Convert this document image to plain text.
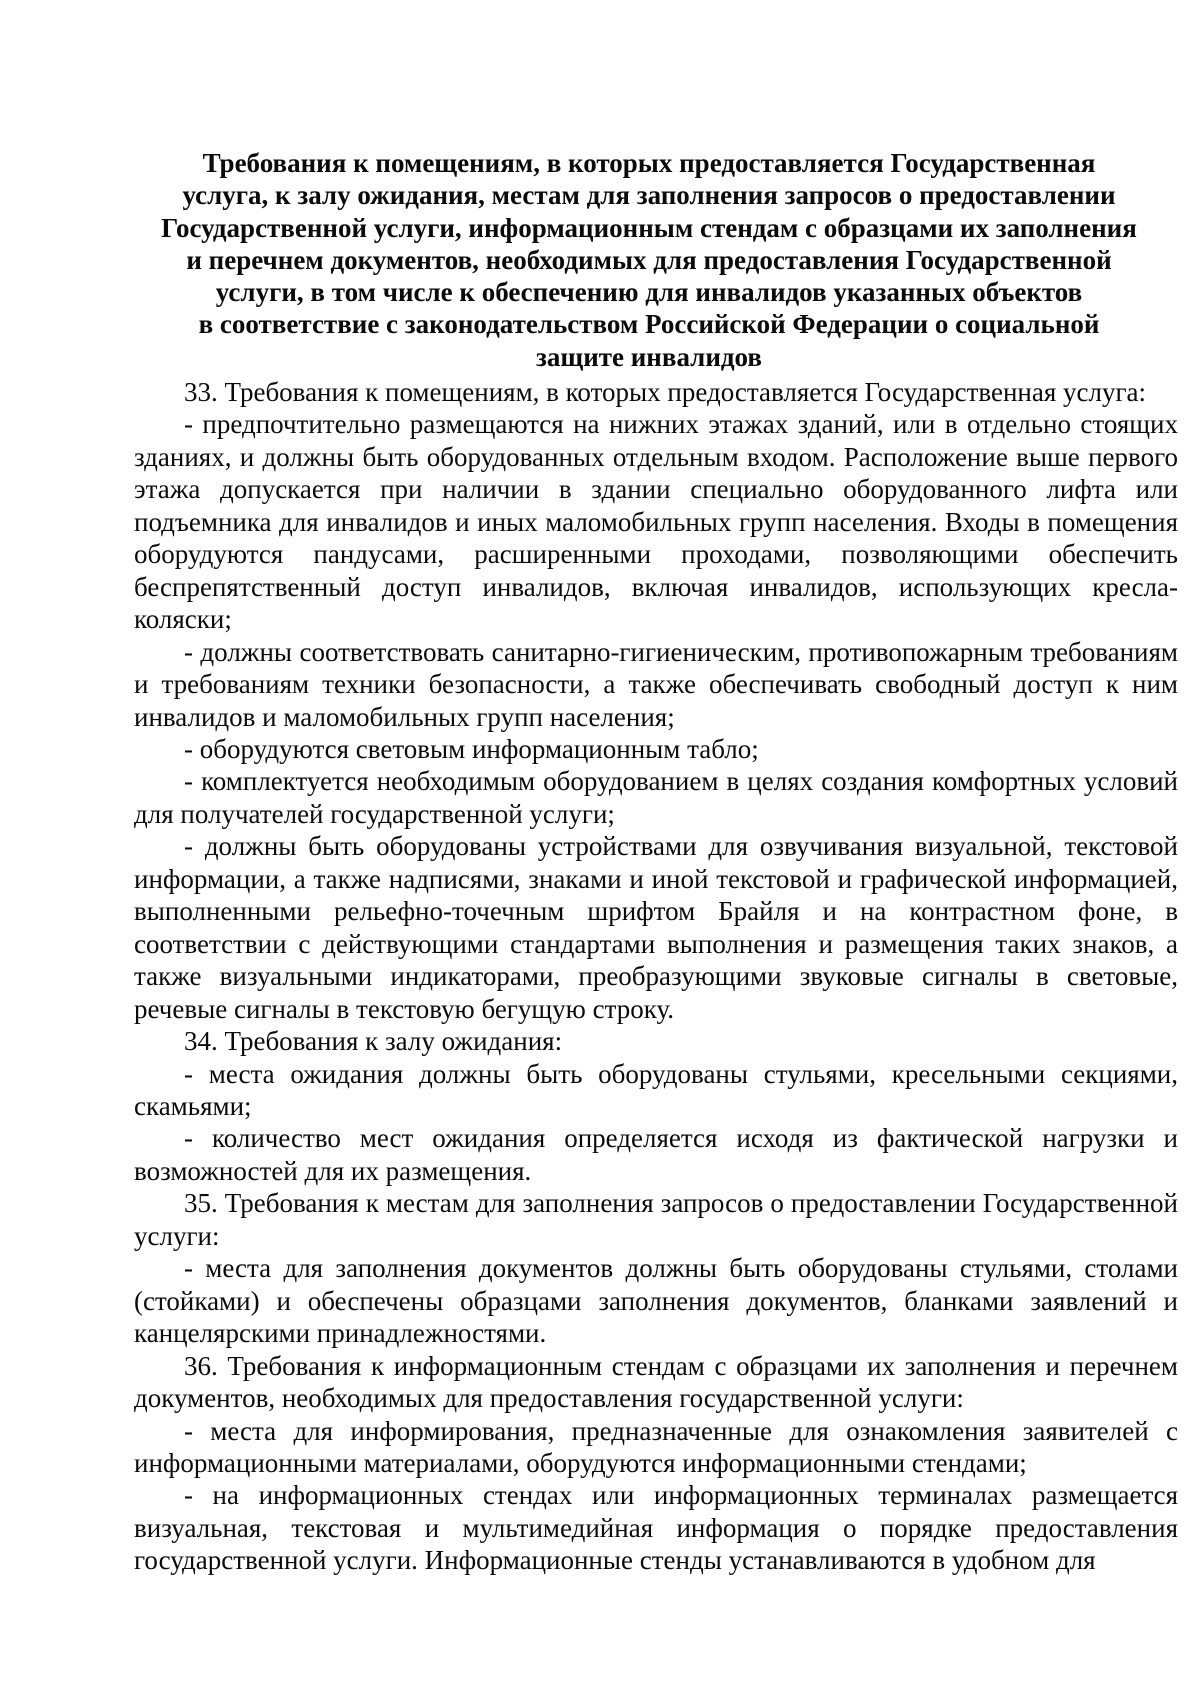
Требования к помещениям, в которых предоставляется Государственная
услуга, к залу ожидания, местам для заполнения запросов о предоставлении
Государственной услуги, информационным стендам с образцами их заполнения
и перечнем документов, необходимых для предоставления Государственной
услуги, в том числе к обеспечению для инвалидов указанных объектов
в соответствие с законодательством Российской Федерации о социальной
защите инвалидов

33. Требования к помещениям, в которых предоставляется Государственная услуга:

- предпочтительно размещаются на нижних этажах зданий, или в отдельно стоящих зданиях, и должны быть оборудованных отдельным входом. Расположение выше первого этажа допускается при наличии в здании специально оборудованного лифта или подъемника для инвалидов и иных маломобильных групп населения. Входы в помещения оборудуются пандусами, расширенными проходами, позволяющими обеспечить беспрепятственный доступ инвалидов, включая инвалидов, использующих кресла-коляски;

- должны соответствовать санитарно-гигиеническим, противопожарным требованиям и требованиям техники безопасности, а также обеспечивать свободный доступ к ним инвалидов и маломобильных групп населения;

- оборудуются световым информационным табло;

- комплектуется необходимым оборудованием в целях создания комфортных условий для получателей государственной услуги;

- должны быть оборудованы устройствами для озвучивания визуальной, текстовой информации, а также надписями, знаками и иной текстовой и графической информацией, выполненными рельефно-точечным шрифтом Брайля и на контрастном фоне, в соответствии с действующими стандартами выполнения и размещения таких знаков, а также визуальными индикаторами, преобразующими звуковые сигналы в световые, речевые сигналы в текстовую бегущую строку.

34. Требования к залу ожидания:

- места ожидания должны быть оборудованы стульями, кресельными секциями, скамьями;

- количество мест ожидания определяется исходя из фактической нагрузки и возможностей для их размещения.

35. Требования к местам для заполнения запросов о предоставлении Государственной услуги:

- места для заполнения документов должны быть оборудованы стульями, столами (стойками) и обеспечены образцами заполнения документов, бланками заявлений и канцелярскими принадлежностями.

36. Требования к информационным стендам с образцами их заполнения и перечнем документов, необходимых для предоставления государственной услуги:

- места для информирования, предназначенные для ознакомления заявителей с информационными материалами, оборудуются информационными стендами;

- на информационных стендах или информационных терминалах размещается визуальная, текстовая и мультимедийная информация о порядке предоставления государственной услуги. Информационные стенды устанавливаются в удобном для
